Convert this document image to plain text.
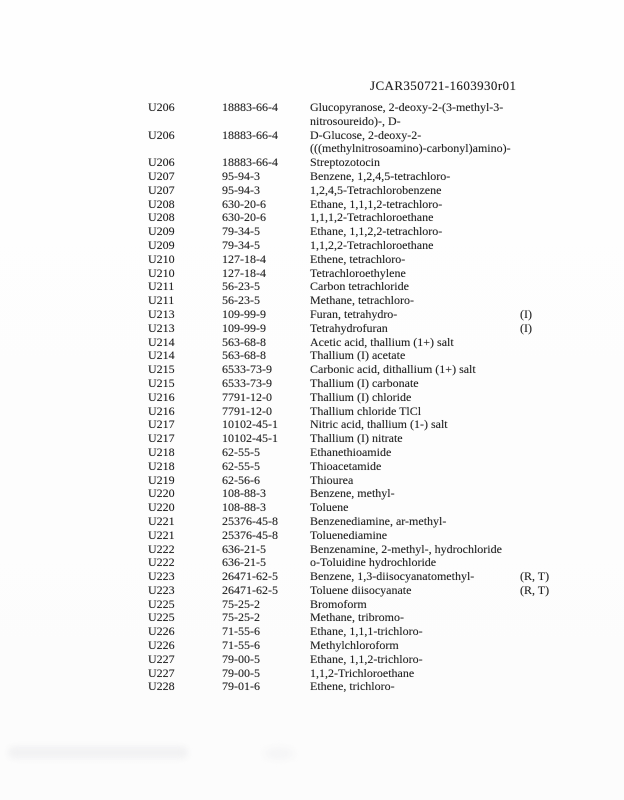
JCAR350721-1603930r01
U206	18883-66-4	Glucopyranose, 2-deoxy-2-(3-methyl-3-
nitrosoureido)-, D-
U206	18883-66-4	D-Glucose, 2-deoxy-2-
(((methylnitrosoamino)-carbonyl)amino)-
U206	18883-66-4	Streptozotocin
U207	95-94-3	Benzene, 1,2,4,5-tetrachloro-
U207	95-94-3	1,2,4,5-Tetrachlorobenzene
U208	630-20-6	Ethane, 1,1,1,2-tetrachloro-
U208	630-20-6	1,1,1,2-Tetrachloroethane
U209	79-34-5	Ethane, 1,1,2,2-tetrachloro-
U209	79-34-5	1,1,2,2-Tetrachloroethane
U210	127-18-4	Ethene, tetrachloro-
U210	127-18-4	Tetrachloroethylene
U211	56-23-5	Carbon tetrachloride
U211	56-23-5	Methane, tetrachloro-
U213	109-99-9	Furan, tetrahydro-	(I)
U213	109-99-9	Tetrahydrofuran	(I)
U214	563-68-8	Acetic acid, thallium (1+) salt
U214	563-68-8	Thallium (I) acetate
U215	6533-73-9	Carbonic acid, dithallium (1+) salt
U215	6533-73-9	Thallium (I) carbonate
U216	7791-12-0	Thallium (I) chloride
U216	7791-12-0	Thallium chloride TlCl
U217	10102-45-1	Nitric acid, thallium (1-) salt
U217	10102-45-1	Thallium (I) nitrate
U218	62-55-5	Ethanethioamide
U218	62-55-5	Thioacetamide
U219	62-56-6	Thiourea
U220	108-88-3	Benzene, methyl-
U220	108-88-3	Toluene
U221	25376-45-8	Benzenediamine, ar-methyl-
U221	25376-45-8	Toluenediamine
U222	636-21-5	Benzenamine, 2-methyl-, hydrochloride
U222	636-21-5	o-Toluidine hydrochloride
U223	26471-62-5	Benzene, 1,3-diisocyanatomethyl-	(R, T)
U223	26471-62-5	Toluene diisocyanate	(R, T)
U225	75-25-2	Bromoform
U225	75-25-2	Methane, tribromo-
U226	71-55-6	Ethane, 1,1,1-trichloro-
U226	71-55-6	Methylchloroform
U227	79-00-5	Ethane, 1,1,2-trichloro-
U227	79-00-5	1,1,2-Trichloroethane
U228	79-01-6	Ethene, trichloro-
